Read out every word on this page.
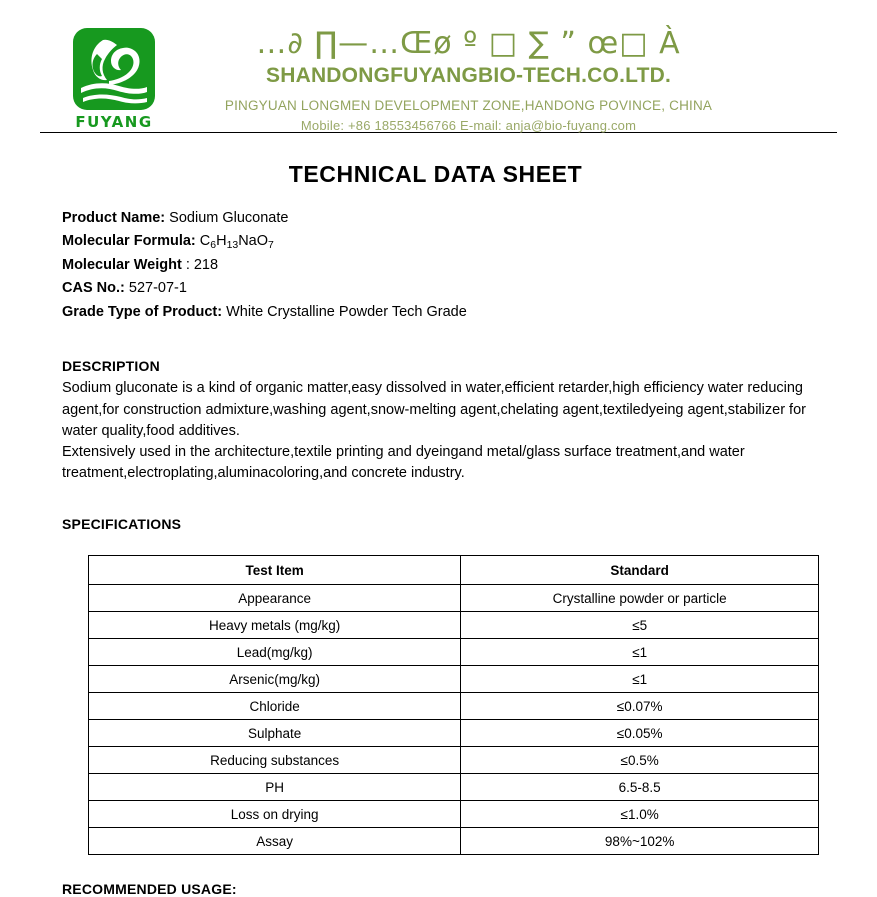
FUYANG
…∂ ∏—…Œø º □ ∑ ” œ□ À
SHANDONGFUYANGBIO-TECH.CO.LTD.
PINGYUAN LONGMEN DEVELOPMENT ZONE,HANDONG POVINCE, CHINA
Mobile: +86 18553456766 E-mail: anja@bio-fuyang.com
TECHNICAL DATA SHEET
Product Name: Sodium Gluconate
Molecular Formula: $C_6H_{13}NaO_7$
Molecular Weight : 218
CAS No.: 527-07-1
Grade Type of Product: White Crystalline Powder Tech Grade
DESCRIPTION

Sodium gluconate is a kind of organic matter,easy dissolved in water,efficient retarder,high efficiency water reducing agent,for construction admixture,washing agent,snow-melting agent,chelating agent,textiledyeing agent,stabilizer for water quality,food additives.

Extensively used in the architecture,textile printing and dyeingand metal/glass surface treatment,and water treatment,electroplating,aluminacoloring,and concrete industry.

SPECIFICATIONS
Test Item	Standard
Appearance	Crystalline powder or particle
Heavy metals (mg/kg)	≤5
Lead(mg/kg)	≤1
Arsenic(mg/kg)	≤1
Chloride	≤0.07%
Sulphate	≤0.05%
Reducing substances	≤0.5%
PH	6.5-8.5
Loss on drying	≤1.0%
Assay	98%~102%
RECOMMENDED USAGE:
